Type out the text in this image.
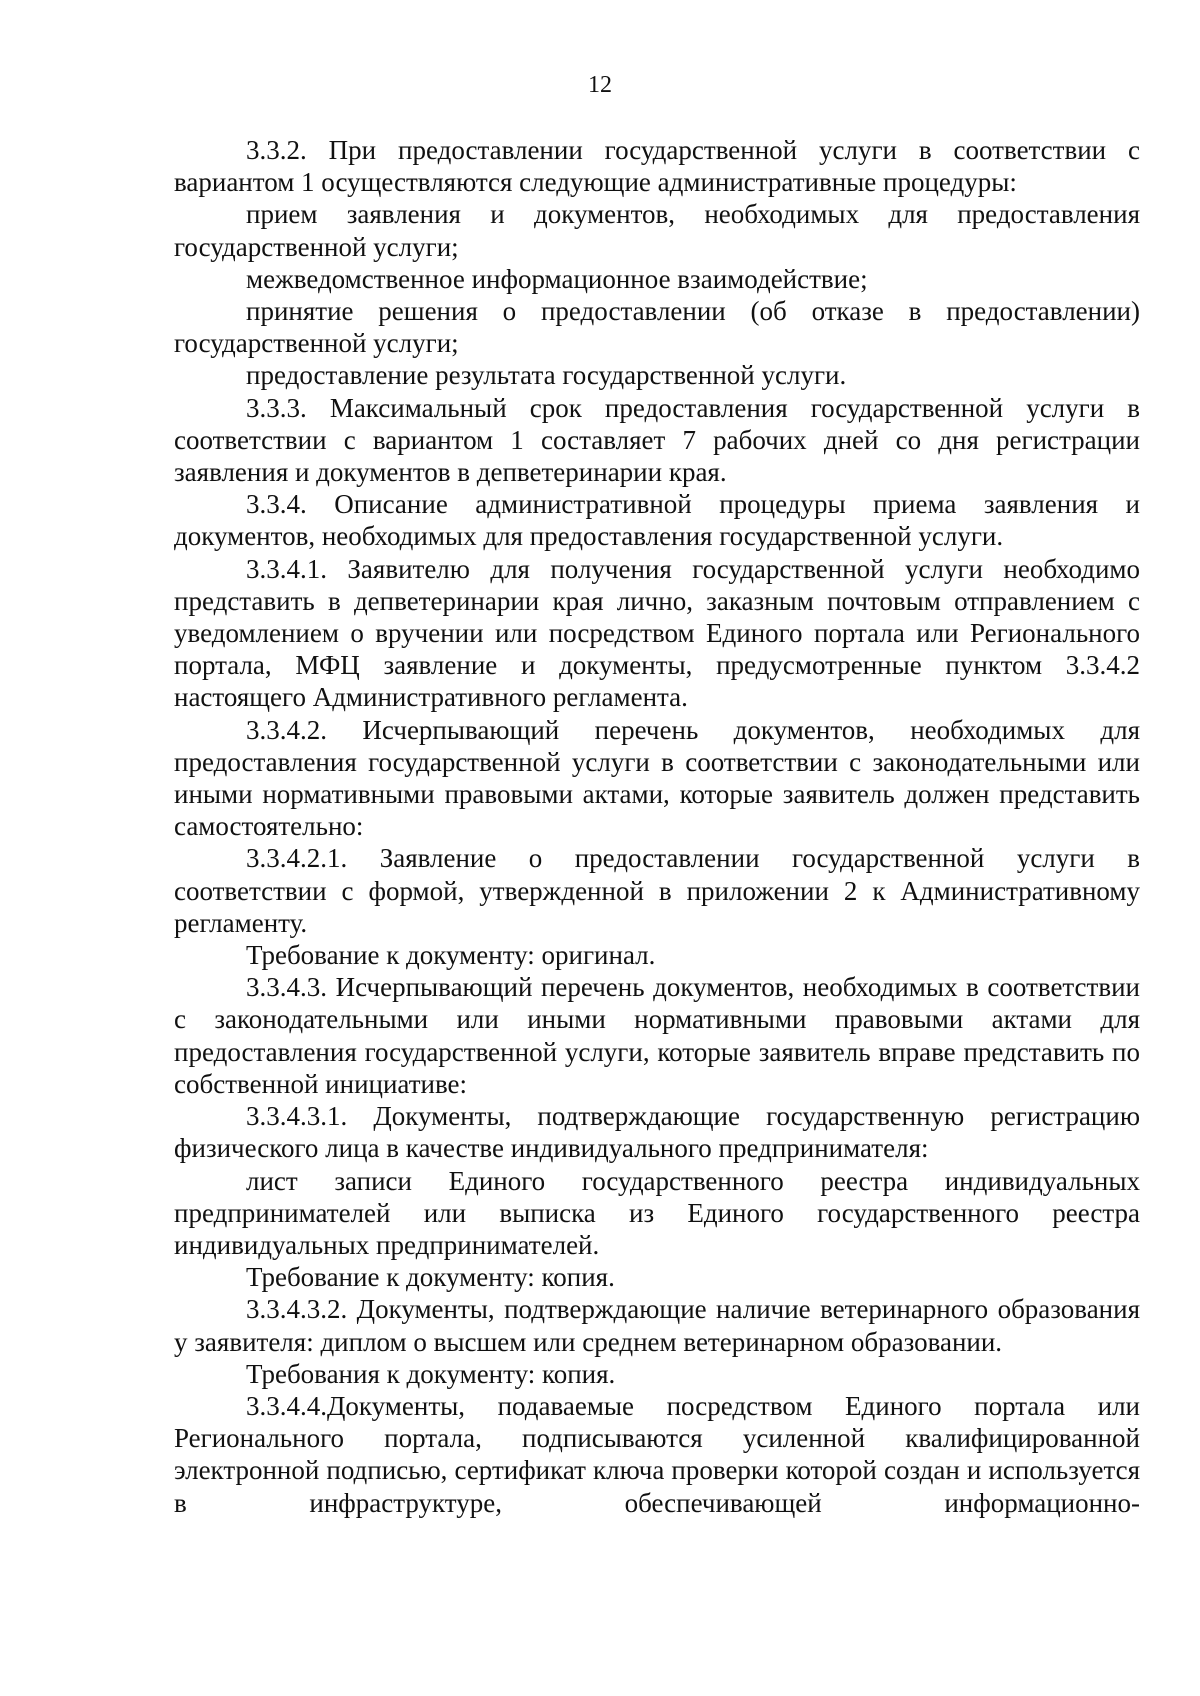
12

3.3.2. При предоставлении государственной услуги в соответствии с вариантом 1 осуществляются следующие административные процедуры:

прием заявления и документов, необходимых для предоставления государственной услуги;

межведомственное информационное взаимодействие;

принятие решения о предоставлении (об отказе в предоставлении) государственной услуги;

предоставление результата государственной услуги.

3.3.3. Максимальный срок предоставления государственной услуги в соответствии с вариантом 1 составляет 7 рабочих дней со дня регистрации заявления и документов в депветеринарии края.

3.3.4. Описание административной процедуры приема заявления и документов, необходимых для предоставления государственной услуги.

3.3.4.1. Заявителю для получения государственной услуги необходимо представить в депветеринарии края лично, заказным почтовым отправлением с уведомлением о вручении или посредством Единого портала или Регионального портала, МФЦ заявление и документы, предусмотренные пунктом 3.3.4.2 настоящего Административного регламента.

3.3.4.2. Исчерпывающий перечень документов, необходимых для предоставления государственной услуги в соответствии с законодательными или иными нормативными правовыми актами, которые заявитель должен представить самостоятельно:

3.3.4.2.1. Заявление о предоставлении государственной услуги в соответствии с формой, утвержденной в приложении 2 к Административному регламенту.

Требование к документу: оригинал.

3.3.4.3. Исчерпывающий перечень документов, необходимых в соответствии с законодательными или иными нормативными правовыми актами для предоставления государственной услуги, которые заявитель вправе представить по собственной инициативе:

3.3.4.3.1. Документы, подтверждающие государственную регистрацию физического лица в качестве индивидуального предпринимателя:

лист записи Единого государственного реестра индивидуальных предпринимателей или выписка из Единого государственного реестра индивидуальных предпринимателей.

Требование к документу: копия.

3.3.4.3.2. Документы, подтверждающие наличие ветеринарного образования у заявителя: диплом о высшем или среднем ветеринарном образовании.

Требования к документу: копия.

3.3.4.4.Документы, подаваемые посредством Единого портала или Регионального портала, подписываются усиленной квалифицированной электронной подписью, сертификат ключа проверки которой создан и используется в инфраструктуре, обеспечивающей информационно-
